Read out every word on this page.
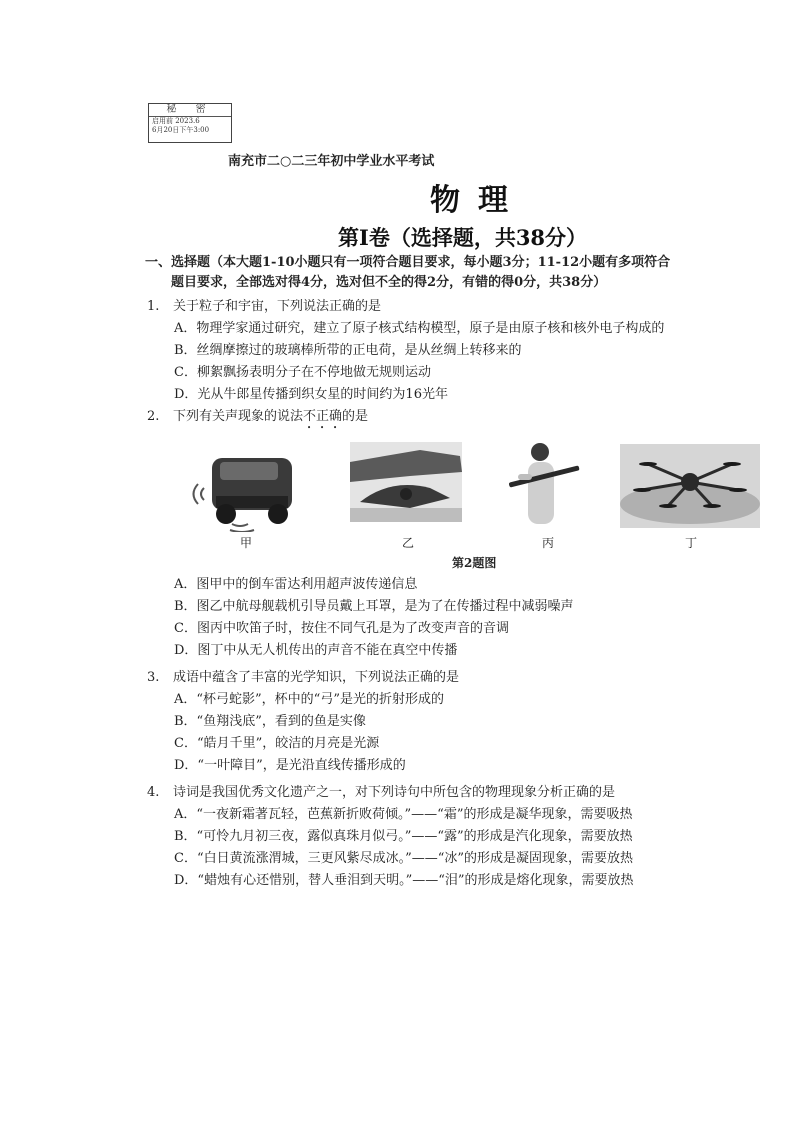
秘 密
启用前 2023.6
6月20日下午3:00
南充市二○二三年初中学业水平考试
物理
第Ⅰ卷（选择题，共38分）
一、选择题（本大题1-10小题只有一项符合题目要求，每小题3分；11-12小题有多项符合
题目要求，全部选对得4分，选对但不全的得2分，有错的得0分，共38分）
1. 关于粒子和宇宙，下列说法正确的是
A．物理学家通过研究，建立了原子核式结构模型，原子是由原子核和核外电子构成的
B．丝绸摩擦过的玻璃棒所带的正电荷，是从丝绸上转移来的
C．柳絮飘扬表明分子在不停地做无规则运动
D．光从牛郎星传播到织女星的时间约为16光年
2. 下列有关声现象的说法不正确的是
甲	乙	丙	丁
第2题图
A．图甲中的倒车雷达利用超声波传递信息
B．图乙中航母舰载机引导员戴上耳罩，是为了在传播过程中减弱噪声
C．图丙中吹笛子时，按住不同气孔是为了改变声音的音调
D．图丁中从无人机传出的声音不能在真空中传播
3. 成语中蕴含了丰富的光学知识，下列说法正确的是
A．“杯弓蛇影”，杯中的“弓”是光的折射形成的
B．“鱼翔浅底”，看到的鱼是实像
C．“皓月千里”，皎洁的月亮是光源
D．“一叶障目”，是光沿直线传播形成的
4. 诗词是我国优秀文化遗产之一，对下列诗句中所包含的物理现象分析正确的是
A．“一夜新霜著瓦轻，芭蕉新折败荷倾。”——“霜”的形成是凝华现象，需要吸热
B．“可怜九月初三夜，露似真珠月似弓。”——“露”的形成是汽化现象，需要放热
C．“白日黄流涨渭城，三更风紫尽成冰。”——“冰”的形成是凝固现象，需要放热
D．“蜡烛有心还惜别，替人垂泪到天明。”——“泪”的形成是熔化现象，需要放热
